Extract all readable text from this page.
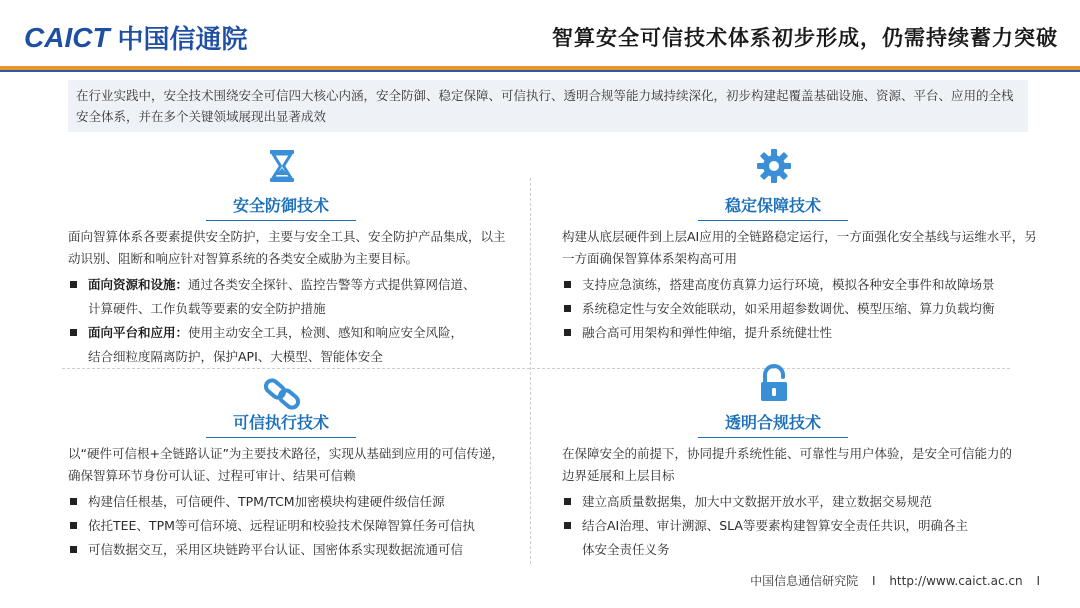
CAICT 中国信通院	智算安全可信技术体系初步形成，仍需持续蓄力突破
在行业实践中，安全技术围绕安全可信四大核心内涵，安全防御、稳定保障、可信执行、透明合规等能力域持续深化，初步构建起覆盖基础设施、资源、平台、应用的全栈安全体系，并在多个关键领域展现出显著成效
安全防御技术
面向智算体系各要素提供安全防护，主要与安全工具、安全防护产品集成，以主动识别、阻断和响应针对智算系统的各类安全威胁为主要目标。
面向资源和设施：通过各类安全探针、监控告警等方式提供算网信道、
计算硬件、工作负载等要素的安全防护措施
面向平台和应用：使用主动安全工具，检测、感知和响应安全风险，
结合细粒度隔离防护，保护API、大模型、智能体安全
稳定保障技术
构建从底层硬件到上层AI应用的全链路稳定运行，一方面强化安全基线与运维水平，另一方面确保智算体系架构高可用
支持应急演练，搭建高度仿真算力运行环境，模拟各种安全事件和故障场景
系统稳定性与安全效能联动，如采用超参数调优、模型压缩、算力负载均衡
融合高可用架构和弹性伸缩，提升系统健壮性
可信执行技术
以“硬件可信根+全链路认证”为主要技术路径，实现从基础到应用的可信传递，确保智算环节身份可认证、过程可审计、结果可信赖
构建信任根基，可信硬件、TPM/TCM加密模块构建硬件级信任源
依托TEE、TPM等可信环境、远程证明和校验技术保障智算任务可信执
可信数据交互，采用区块链跨平台认证、国密体系实现数据流通可信
透明合规技术
在保障安全的前提下，协同提升系统性能、可靠性与用户体验，是安全可信能力的边界延展和上层目标
建立高质量数据集，加大中文数据开放水平，建立数据交易规范
结合AI治理、审计溯源、SLA等要素构建智算安全责任共识，明确各主
体安全责任义务
中国信息通信研究院 I http://www.caict.ac.cn I
